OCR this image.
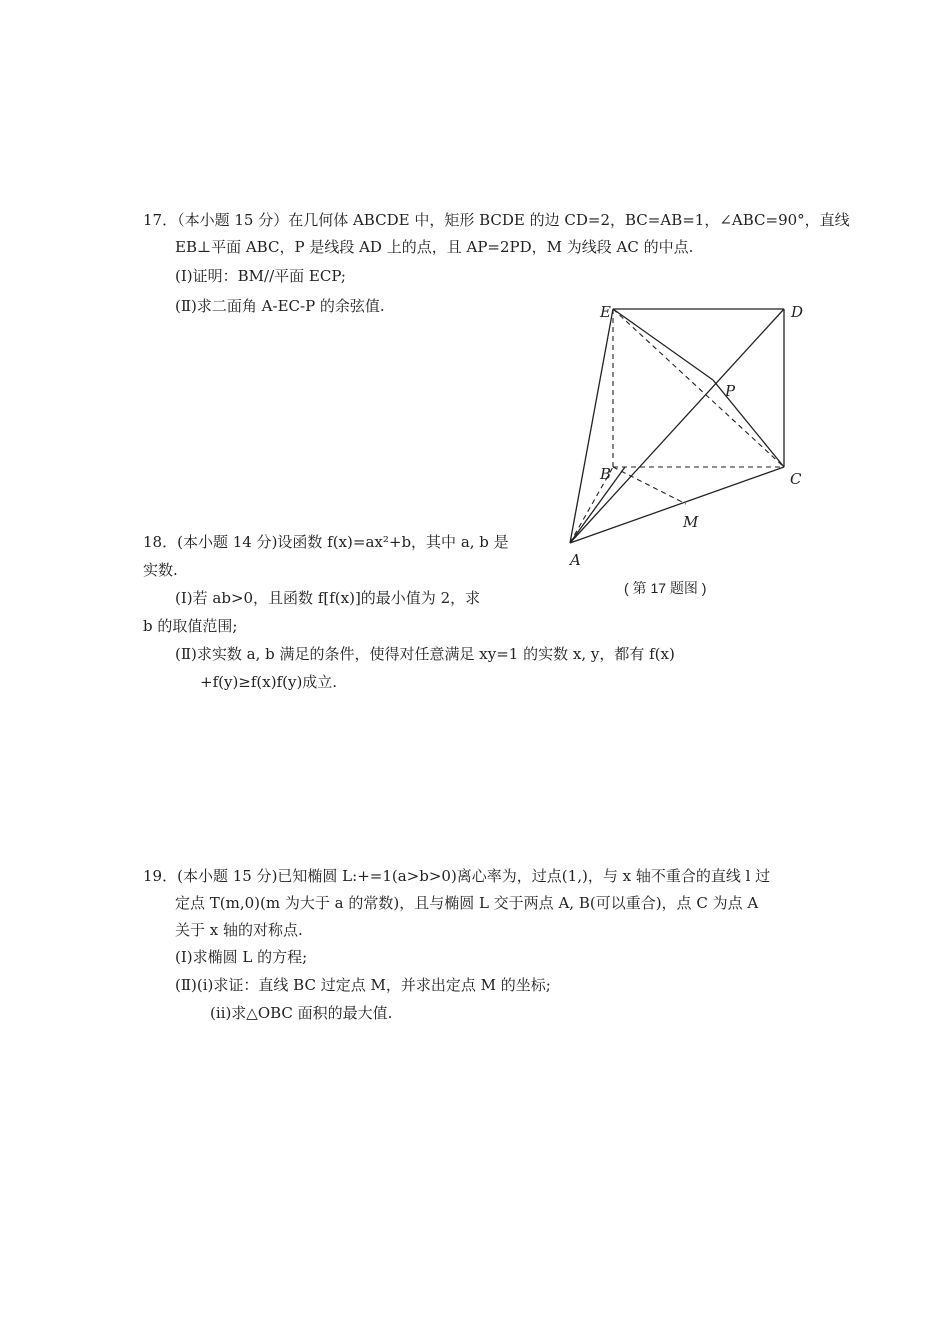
17．（本小题 15 分）在几何体 ABCDE 中，矩形 BCDE 的边 CD=2，BC=AB=1，∠ABC=90°，直线
EB⊥平面 ABC，P 是线段 AD 上的点，且 AP=2PD，M 为线段 AC 的中点.
(Ⅰ)证明：BM//平面 ECP;
(Ⅱ)求二面角 A-EC-P 的余弦值.	E	D
P
B	C
M
A
( 第 17 题图 )
18．(本小题 14 分)设函数 f(x)=ax²+b，其中 a, b 是
实数.
(Ⅰ)若 ab>0，且函数 f[f(x)]的最小值为 2，求
b 的取值范围;
(Ⅱ)求实数 a, b 满足的条件，使得对任意满足 xy=1 的实数 x, y，都有 f(x)
+f(y)≥f(x)f(y)成立.
19．(本小题 15 分)已知椭圆 L:+=1(a>b>0)离心率为，过点(1,)，与 x 轴不重合的直线 l 过
定点 T(m,0)(m 为大于 a 的常数)，且与椭圆 L 交于两点 A, B(可以重合)，点 C 为点 A
关于 x 轴的对称点.
(Ⅰ)求椭圆 L 的方程;
(Ⅱ)(ⅰ)求证：直线 BC 过定点 M，并求出定点 M 的坐标;
(ⅱ)求△OBC 面积的最大值.
